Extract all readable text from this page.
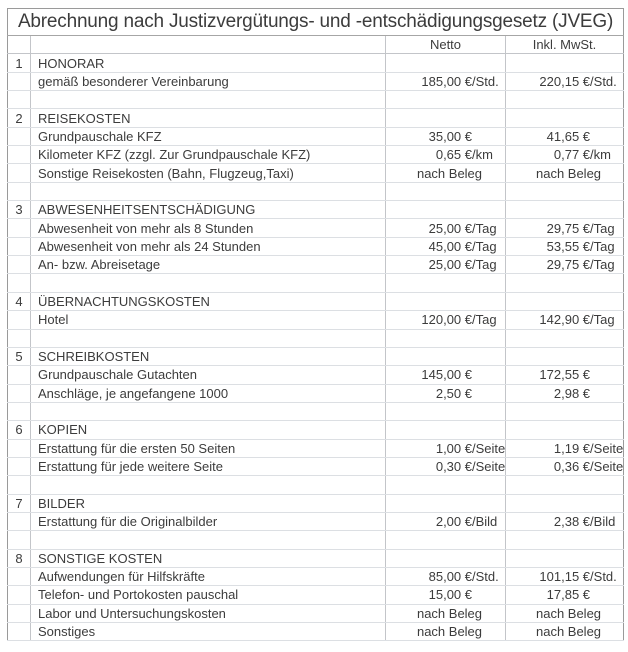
Abrechnung nach Justizvergütungs- und -entschädigungsgesetz (JVEG)			
		Netto	Inkl. MwSt.
1	HONORAR		
	gemäß besonderer Vereinbarung	185,00 € /Std.	220,15 € /Std.

2	REISEKOSTEN		
	Grundpauschale KFZ	35,00 €	41,65 €

	Kilometer KFZ (zzgl. Zur Grundpauschale KFZ)	0,65 € /km	0,77 € /km

	Sonstige Reisekosten (Bahn, Flugzeug,Taxi)	nach Beleg	nach Beleg

3	ABWESENHEITSENTSCHÄDIGUNG		
	Abwesenheit von mehr als 8 Stunden	25,00 € /Tag	29,75 € /Tag

	Abwesenheit von mehr als 24 Stunden	45,00 € /Tag	53,55 € /Tag

	An- bzw. Abreisetage	25,00 € /Tag	29,75 € /Tag

4	ÜBERNACHTUNGSKOSTEN		
	Hotel	120,00 € /Tag	142,90 € /Tag

5	SCHREIBKOSTEN		
	Grundpauschale Gutachten	145,00 €	172,55 €

	Anschläge, je angefangene 1000	2,50 €	2,98 €

6	KOPIEN		
	Erstattung für die ersten 50 Seiten	1,00 € /Seite	1,19 € /Seite

	Erstattung für jede weitere Seite	0,30 € /Seite	0,36 € /Seite

7	BILDER		
	Erstattung für die Originalbilder	2,00 € /Bild	2,38 € /Bild

8	SONSTIGE KOSTEN		
	Aufwendungen für Hilfskräfte	85,00 € /Std.	101,15 € /Std.

	Telefon- und Portokosten pauschal	15,00 €	17,85 €

	Labor und Untersuchungskosten	nach Beleg	nach Beleg

	Sonstiges	nach Beleg	nach Beleg
